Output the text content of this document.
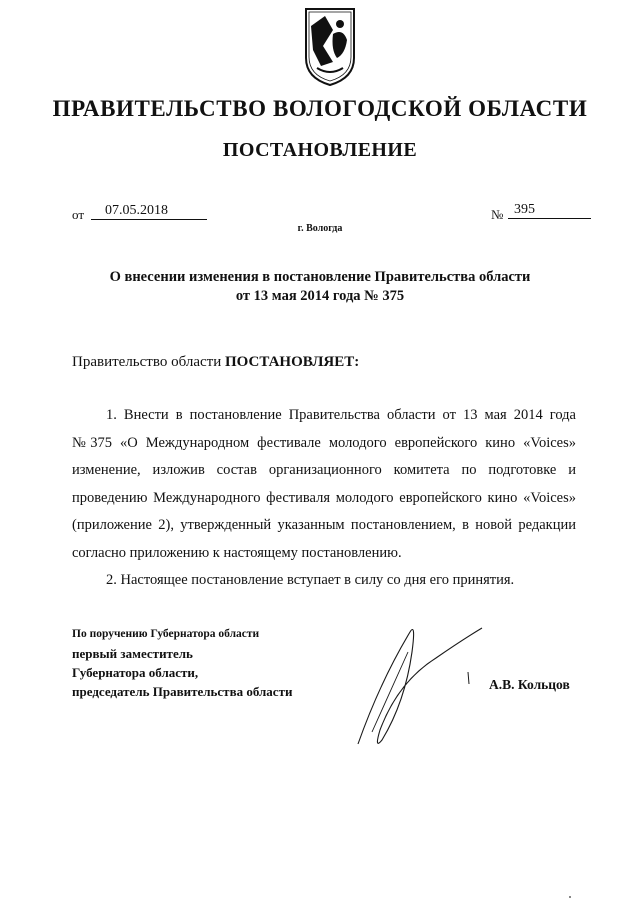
ПРАВИТЕЛЬСТВО ВОЛОГОДСКОЙ ОБЛАСТИ
ПОСТАНОВЛЕНИЕ
от	07.05.2018	№ 395
г. Вологда
О внесении изменения в постановление Правительства области
от 13 мая 2014 года № 375
Правительство области ПОСТАНОВЛЯЕТ:

1. Внести в постановление Правительства области от 13 мая 2014 года №375 «О Международном фестивале молодого европейского кино «Voices» изменение, изложив состав организационного комитета по подготовке и проведению Международного фестиваля молодого европейского кино «Voices» (приложение 2), утвержденный указанным постановлением, в новой редакции согласно приложению к настоящему постановлению.

2. Настоящее постановление вступает в силу со дня его принятия.

По поручению Губернатора области
первый заместитель
Губернатора области,
председатель Правительства области	А.В. Кольцов
